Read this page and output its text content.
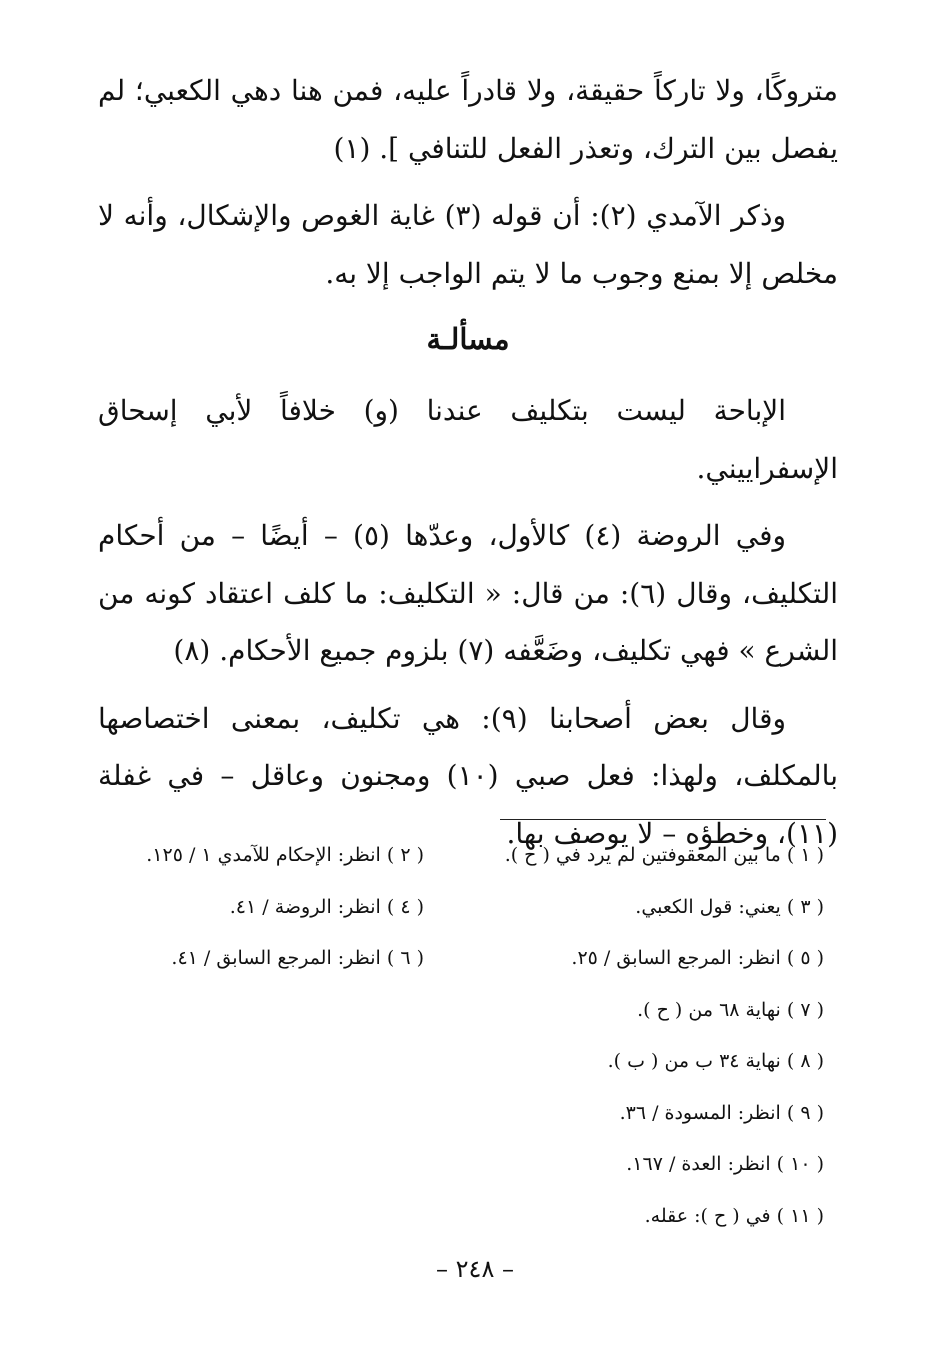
متروكًا، ولا تاركاً حقيقة، ولا قادراً عليه، فمن هنا دهي الكعبي؛ لم يفصل بين الترك، وتعذر الفعل للتنافي ]. (١)

وذكر الآمدي (٢): أن قوله (٣) غاية الغوص والإشكال، وأنه لا مخلص إلا بمنع وجوب ما لا يتم الواجب إلا به.

مسألـة

الإباحة ليست بتكليف عندنا (و) خلافاً لأبي إسحاق الإسفراييني.

وفي الروضة (٤) كالأول، وعدّها (٥) – أيضًا – من أحكام التكليف، وقال (٦): من قال: « التكليف: ما كلف اعتقاد كونه من الشرع » فهي تكليف، وضَعَّفه (٧) بلزوم جميع الأحكام. (٨)

وقال بعض أصحابنا (٩): هي تكليف، بمعنى اختصاصها بالمكلف، ولهذا: فعل صبي (١٠) ومجنون وعاقل – في غفلة (١١)، وخطؤه – لا يوصف بها.

( ١ ) ما بين المعقوفتين لم يرد في ( ح ).
( ٣ ) يعني: قول الكعبي.
( ٥ ) انظر: المرجع السابق / ٢٥.
( ٧ ) نهاية ٦٨ من ( ح ).
( ٨ ) نهاية ٣٤ ب من ( ب ).
( ٩ ) انظر: المسودة / ٣٦.
( ١٠ ) انظر: العدة / ١٦٧.
( ١١ ) في ( ح ): عقله.
( ٢ ) انظر: الإحكام للآمدي ١ / ١٢٥.
( ٤ ) انظر: الروضة / ٤١.
( ٦ ) انظر: المرجع السابق / ٤١.
– ٢٤٨ –
